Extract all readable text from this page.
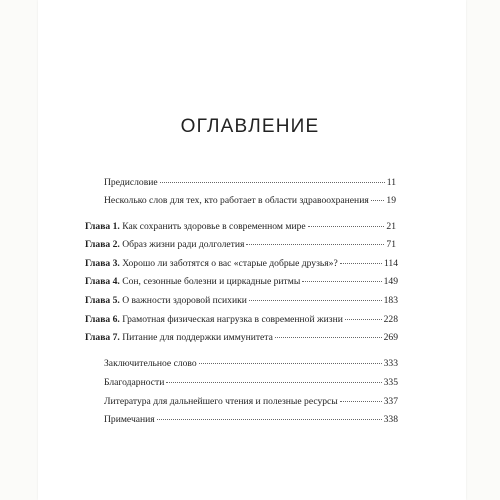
ОГЛАВЛЕНИЕ
Предисловие	11
Несколько слов для тех, кто работает в области здравоохранения 19
Глава 1. Как сохранить здоровье в современном мире	21
Глава 2. Образ жизни ради долголетия	71
Глава 3. Хорошо ли заботятся о вас «старые добрые друзья»?	114
Глава 4. Сон, сезонные болезни и циркадные ритмы	149
Глава 5. О важности здоровой психики	183
Глава 6. Грамотная физическая нагрузка в современной жизни	228
Глава 7. Питание для поддержки иммунитета	269
Заключительное слово	333
Благодарности	335
Литература для дальнейшего чтения и полезные ресурсы	337
Примечания	338
